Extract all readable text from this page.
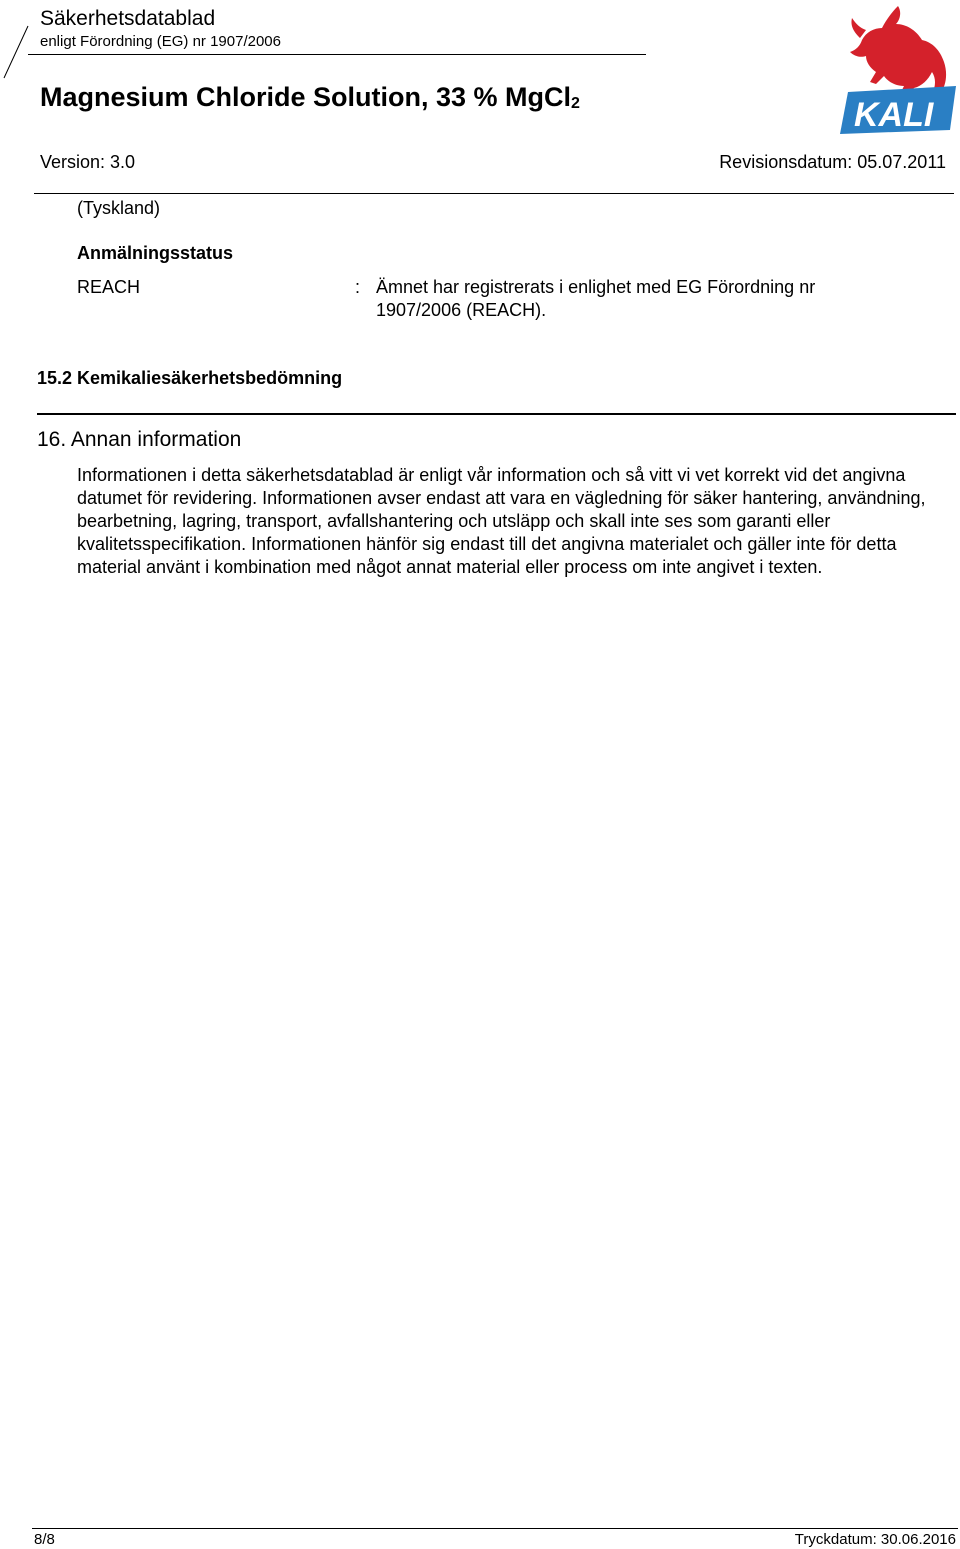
Säkerhetsdatablad
enligt Förordning (EG) nr 1907/2006
Magnesium Chloride Solution, 33 % MgCl$_2$	KALI
Version: 3.0	Revisionsdatum: 05.07.2011
(Tyskland)
Anmälningsstatus
REACH	: Ämnet har registrerats i enlighet med EG Förordning nr 1907/2006 (REACH).
15.2 Kemikaliesäkerhetsbedömning
16. Annan information
Informationen i detta säkerhetsdatablad är enligt vår information och så vitt vi vet korrekt vid det angivna datumet för revidering. Informationen avser endast att vara en vägledning för säker hantering, användning, bearbetning, lagring, transport, avfallshantering och utsläpp och skall inte ses som garanti eller kvalitetsspecifikation. Informationen hänför sig endast till det angivna materialet och gäller inte för detta material använt i kombination med något annat material eller process om inte angivet i texten.
8/8	Tryckdatum: 30.06.2016
